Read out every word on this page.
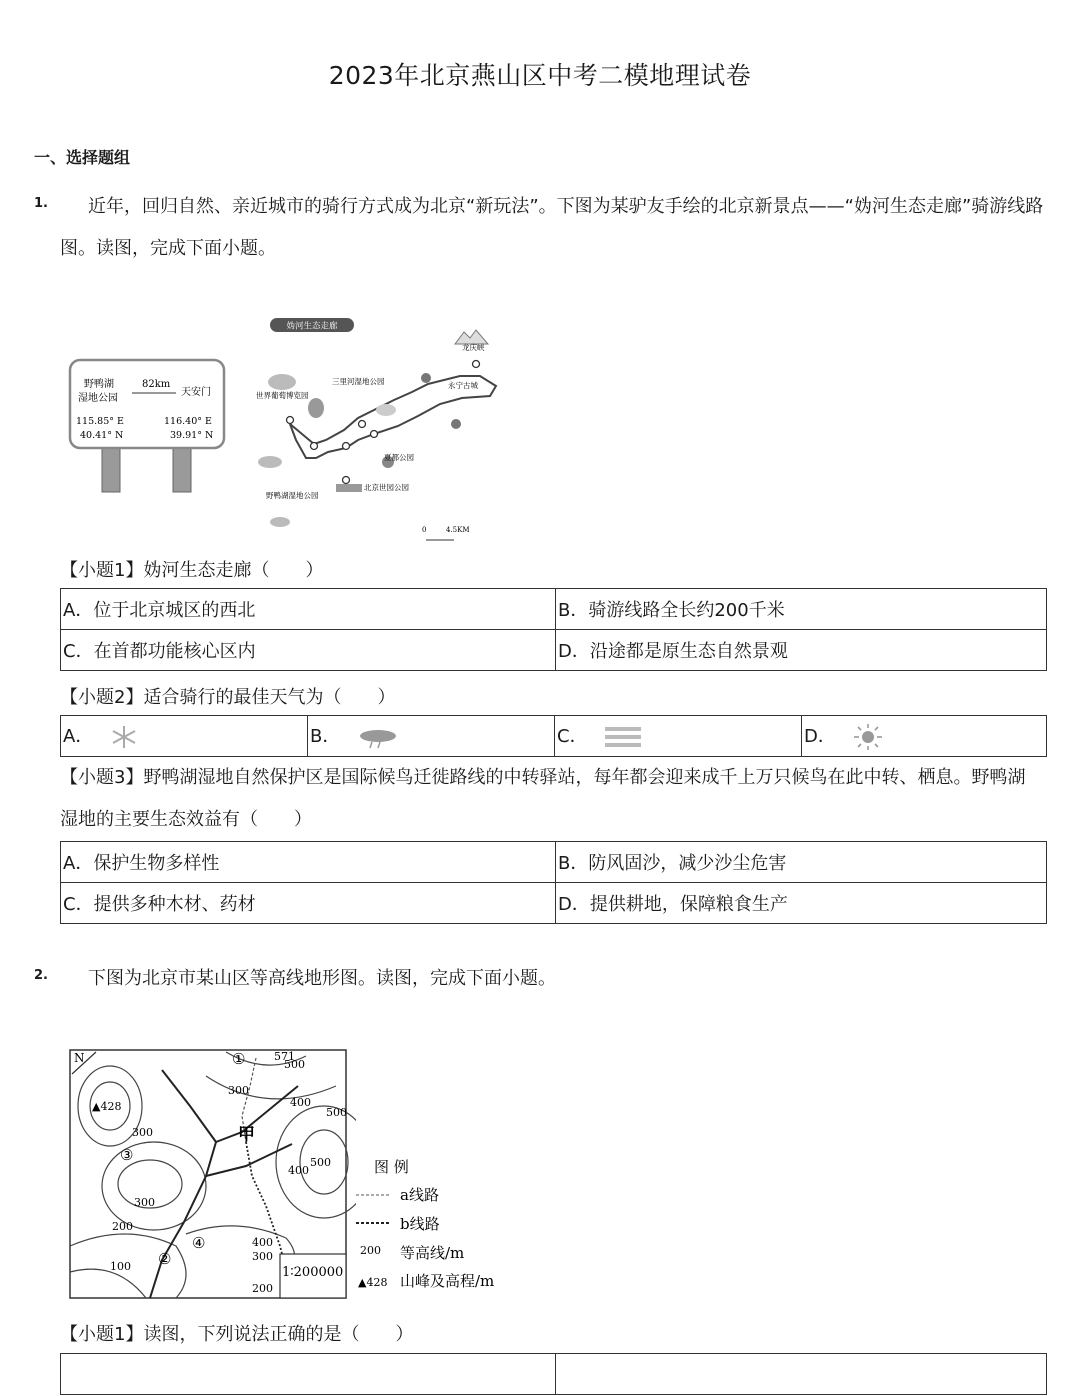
2023年北京燕山区中考二模地理试卷
一、选择题组
1. 近年，回归自然、亲近城市的骑行方式成为北京“新玩法”。下图为某驴友手绘的北京新景点——“妫河生态走廊”骑游线路
图。读图，完成下面小题。
野鸭湖
湿地公园
82km
天安门
115.85° E
40.41° N
116.40° E
39.91° N
妫河生态走廊
龙庆峡
世界葡萄博览园
三里河湿地公园	永宁古城
夏都公园
北京世园公园
野鸭湖湿地公园
0	4.5KM
【小题1】妫河生态走廊（　　）
A．位于北京城区的西北	B．骑游线路全长约200千米
C．在首都功能核心区内	D．沿途都是原生态自然景观
【小题2】适合骑行的最佳天气为（　　）
A．	B．	C．	D．
【小题3】野鸭湖湿地自然保护区是国际候鸟迁徙路线的中转驿站，每年都会迎来成千上万只候鸟在此中转、栖息。野鸭湖
湿地的主要生态效益有（　　）
A．保护生物多样性	B．防风固沙，减少沙尘危害
C．提供多种木材、药材	D．提供耕地，保障粮食生产
2. 下图为北京市某山区等高线地形图。读图，完成下面小题。
N
▲428
571
甲
300
300
300
400
500
500
400
200
100
400
300
200
500
①
②
③
④
1∶200000
图 例
a线路
b线路
200 等高线/m
▲428 山峰及高程/m
【小题1】读图，下列说法正确的是（　　）
